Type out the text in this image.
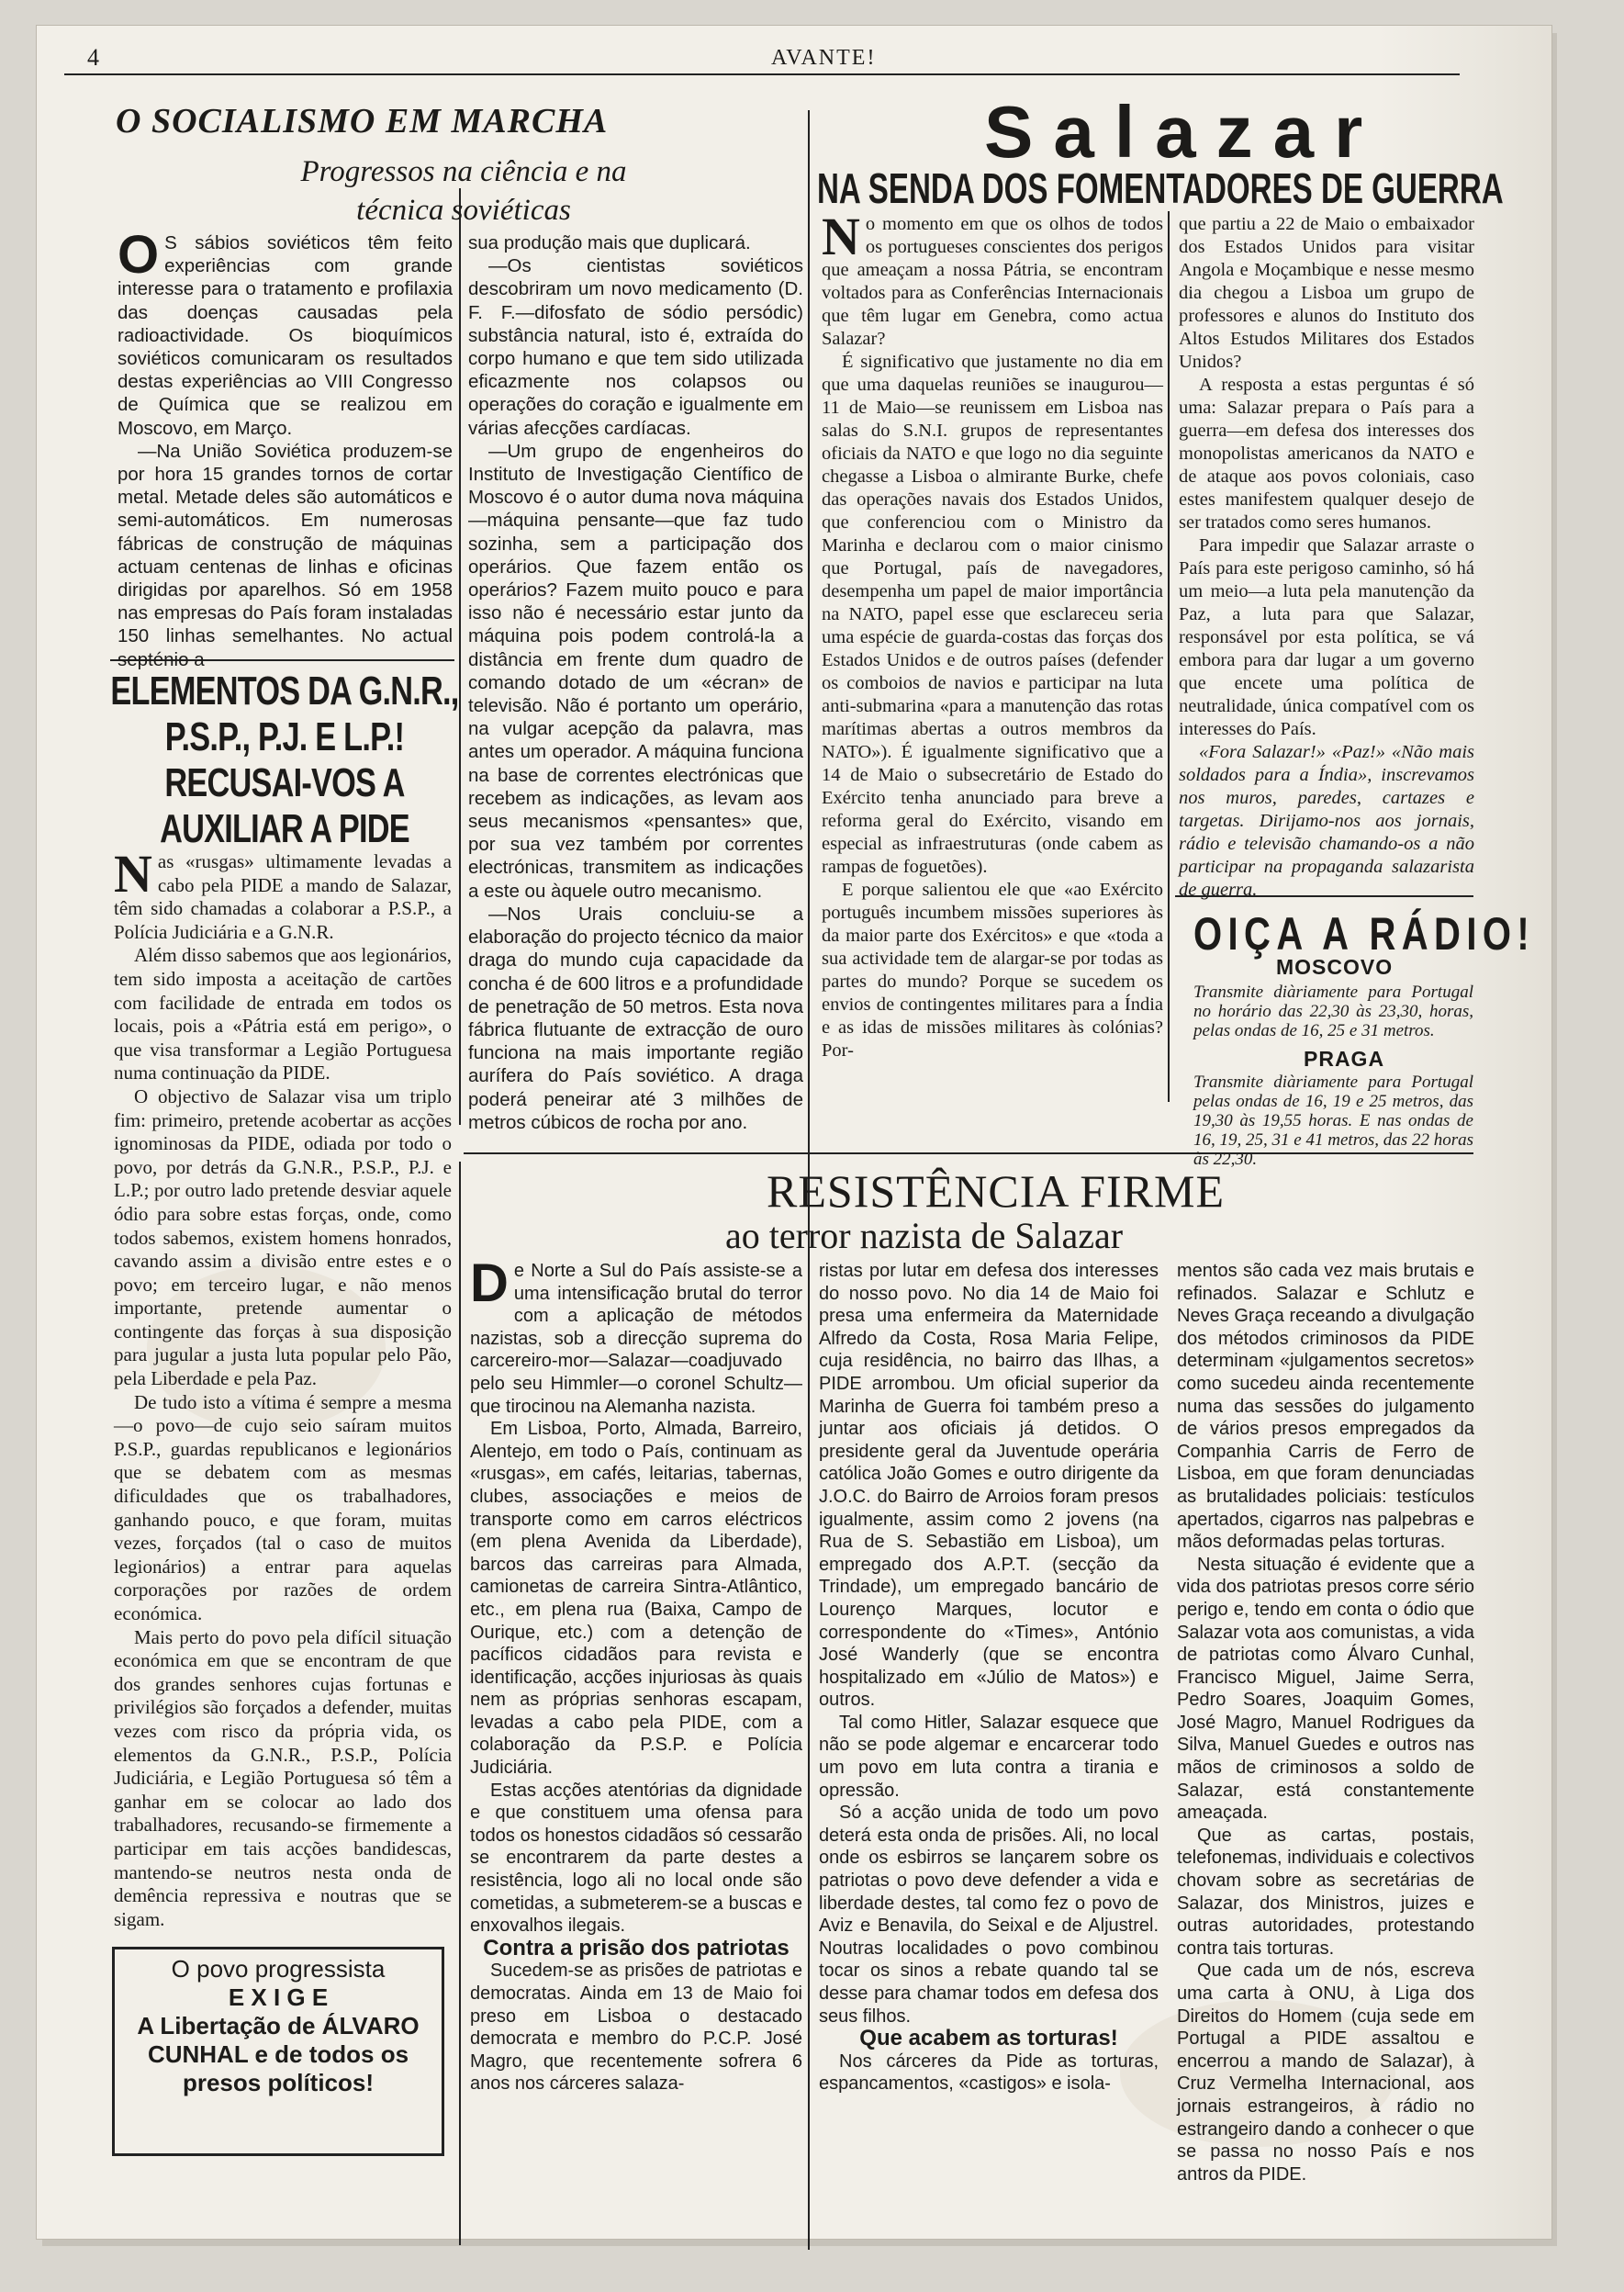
4	AVANTE!
O SOCIALISMO EM MARCHA
Progressos na ciência e na
técnica soviéticas

O S sábios soviéticos têm feito experiências com grande interesse para o tratamento e profilaxia das doenças causadas pela radioactividade. Os bioquímicos soviéticos comunicaram os resultados destas experiências ao VIII Congresso de Química que se realizou em Moscovo, em Março.

—Na União Soviética produzem-se por hora 15 grandes tornos de cortar metal. Metade deles são automáticos e semi-automáticos. Em numerosas fábricas de construção de máquinas actuam centenas de linhas e oficinas dirigidas por aparelhos. Só em 1958 nas empresas do País foram instaladas 150 linhas semelhantes. No actual septénio a

sua produção mais que duplicará.

—Os cientistas soviéticos descobriram um novo medicamento (D. F. F.—difosfato de sódio persódic) substância natural, isto é, extraída do corpo humano e que tem sido utilizada eficazmente nos colapsos ou operações do coração e igualmente em várias afecções cardíacas.

—Um grupo de engenheiros do Instituto de Investigação Científico de Moscovo é o autor duma nova máquina—máquina pensante—que faz tudo sozinha, sem a participação dos operários. Que fazem então os operários? Fazem muito pouco e para isso não é necessário estar junto da máquina pois podem controlá-la a distância em frente dum quadro de comando dotado de um «écran» de televisão. Não é portanto um operário, na vulgar acepção da palavra, mas antes um operador. A máquina funciona na base de correntes electrónicas que recebem as indicações, as levam aos seus mecanismos «pensantes» que, por sua vez também por correntes electrónicas, transmitem as indicações a este ou àquele outro mecanismo.

—Nos Urais concluiu-se a elaboração do projecto técnico da maior draga do mundo cuja capacidade da concha é de 600 litros e a profundidade de penetração de 50 metros. Esta nova fábrica flutuante de extracção de ouro funciona na mais importante região aurífera do País soviético. A draga poderá peneirar até 3 milhões de metros cúbicos de rocha por ano.

ELEMENTOS DA G.N.R., P.S.P., P.J. E L.P.! RECUSAI-VOS A AUXILIAR A PIDE

Nas «rusgas» ultimamente levadas a cabo pela PIDE a mando de Salazar, têm sido chamadas a colaborar a P.S.P., a Polícia Judiciária e a G.N.R.

Além disso sabemos que aos legionários, tem sido imposta a aceitação de cartões com facilidade de entrada em todos os locais, pois a «Pátria está em perigo», o que visa transformar a Legião Portuguesa numa continuação da PIDE.

O objectivo de Salazar visa um triplo fim: primeiro, pretende acobertar as acções ignominosas da PIDE, odiada por todo o povo, por detrás da G.N.R., P.S.P., P.J. e L.P.; por outro lado pretende desviar aquele ódio para sobre estas forças, onde, como todos sabemos, existem homens honrados, cavando assim a divisão entre estes e o povo; em terceiro lugar, e não menos importante, pretende aumentar o contingente das forças à sua disposição para jugular a justa luta popular pelo Pão, pela Liberdade e pela Paz.

De tudo isto a vítima é sempre a mesma—o povo—de cujo seio saíram muitos P.S.P., guardas republicanos e legionários que se debatem com as mesmas dificuldades que os trabalhadores, ganhando pouco, e que foram, muitas vezes, forçados (tal o caso de muitos legionários) a entrar para aquelas corporações por razões de ordem económica.

Mais perto do povo pela difícil situação económica em que se encontram de que dos grandes senhores cujas fortunas e privilégios são forçados a defender, muitas vezes com risco da própria vida, os elementos da G.N.R., P.S.P., Polícia Judiciária, e Legião Portuguesa só têm a ganhar em se colocar ao lado dos trabalhadores, recusando-se firmemente a participar em tais acções bandidescas, mantendo-se neutros nesta onda de demência repressiva e noutras que se sigam.

O povo progressista
E X I G E
A Libertação de ÁLVARO
CUNHAL e de todos os
presos políticos!
Salazar
NA SENDA DOS FOMENTADORES DE GUERRA

No momento em que os olhos de todos os portugueses conscientes dos perigos que ameaçam a nossa Pátria, se encontram voltados para as Conferências Internacionais que têm lugar em Genebra, como actua Salazar?

É significativo que justamente no dia em que uma daquelas reuniões se inaugurou—11 de Maio—se reunissem em Lisboa nas salas do S.N.I. grupos de representantes oficiais da NATO e que logo no dia seguinte chegasse a Lisboa o almirante Burke, chefe das operações navais dos Estados Unidos, que conferenciou com o Ministro da Marinha e declarou com o maior cinismo que Portugal, país de navegadores, desempenha um papel de maior importância na NATO, papel esse que esclareceu seria uma espécie de guarda-costas das forças dos Estados Unidos e de outros países (defender os comboios de navios e participar na luta anti-submarina «para a manutenção das rotas marítimas abertas a outros membros da NATO»). É igualmente significativo que a 14 de Maio o subsecretário de Estado do Exército tenha anunciado para breve a reforma geral do Exército, visando em especial as infraestruturas (onde cabem as rampas de foguetões).

E porque salientou ele que «ao Exército português incumbem missões superiores às da maior parte dos Exércitos» e que «toda a sua actividade tem de alargar-se por todas as partes do mundo? Porque se sucedem os envios de contingentes militares para a Índia e as idas de missões militares às colónias? Por-

que partiu a 22 de Maio o embaixador dos Estados Unidos para visitar Angola e Moçambique e nesse mesmo dia chegou a Lisboa um grupo de professores e alunos do Instituto dos Altos Estudos Militares dos Estados Unidos?

A resposta a estas perguntas é só uma: Salazar prepara o País para a guerra—em defesa dos interesses dos monopolistas americanos da NATO e de ataque aos povos coloniais, caso estes manifestem qualquer desejo de ser tratados como seres humanos.

Para impedir que Salazar arraste o País para este perigoso caminho, só há um meio—a luta pela manutenção da Paz, a luta para que Salazar, responsável por esta política, se vá embora para dar lugar a um governo que encete uma política de neutralidade, única compatível com os interesses do País.

«Fora Salazar!» «Paz!» «Não mais soldados para a Índia», inscrevamos nos muros, paredes, cartazes e targetas. Dirijamo-nos aos jornais, rádio e televisão chamando-os a não participar na propaganda salazarista de guerra.

OIÇA A RÁDIO!
MOSCOVO
Transmite diàriamente para Portugal no horário das 22,30 às 23,30, horas, pelas ondas de 16, 25 e 31 metros.
PRAGA
Transmite diàriamente para Portugal pelas ondas de 16, 19 e 25 metros, das 19,30 às 19,55 horas. E nas ondas de 16, 19, 25, 31 e 41 metros, das 22 horas às 22,30.
RESISTÊNCIA FIRME
ao terror nazista de Salazar

De Norte a Sul do País assiste-se a uma intensificação brutal do terror com a aplicação de métodos nazistas, sob a direcção suprema do carcereiro-mor—Salazar—coadjuvado pelo seu Himmler—o coronel Schultz—que tirocinou na Alemanha nazista.

Em Lisboa, Porto, Almada, Barreiro, Alentejo, em todo o País, continuam as «rusgas», em cafés, leitarias, tabernas, clubes, associações e meios de transporte como em carros eléctricos (em plena Avenida da Liberdade), barcos das carreiras para Almada, camionetas de carreira Sintra-Atlântico, etc., em plena rua (Baixa, Campo de Ourique, etc.) com a detenção de pacíficos cidadãos para revista e identificação, acções injuriosas às quais nem as próprias senhoras escapam, levadas a cabo pela PIDE, com a colaboração da P.S.P. e Polícia Judiciária.

Estas acções atentórias da dignidade e que constituem uma ofensa para todos os honestos cidadãos só cessarão se encontrarem da parte destes a resistência, logo ali no local onde são cometidas, a submeterem-se a buscas e enxovalhos ilegais.

Contra a prisão dos patriotas

Sucedem-se as prisões de patriotas e democratas. Ainda em 13 de Maio foi preso em Lisboa o destacado democrata e membro do P.C.P. José Magro, que recentemente sofrera 6 anos nos cárceres salaza-

ristas por lutar em defesa dos interesses do nosso povo. No dia 14 de Maio foi presa uma enfermeira da Maternidade Alfredo da Costa, Rosa Maria Felipe, cuja residência, no bairro das Ilhas, a PIDE arrombou. Um oficial superior da Marinha de Guerra foi também preso a juntar aos oficiais já detidos. O presidente geral da Juventude operária católica João Gomes e outro dirigente da J.O.C. do Bairro de Arroios foram presos igualmente, assim como 2 jovens (na Rua de S. Sebastião em Lisboa), um empregado dos A.P.T. (secção da Trindade), um empregado bancário de Lourenço Marques, locutor e correspondente do «Times», António José Wanderly (que se encontra hospitalizado em «Júlio de Matos») e outros.

Tal como Hitler, Salazar esquece que não se pode algemar e encarcerar todo um povo em luta contra a tirania e opressão.

Só a acção unida de todo um povo deterá esta onda de prisões. Ali, no local onde os esbirros se lançarem sobre os patriotas o povo deve defender a vida e liberdade destes, tal como fez o povo de Aviz e Benavila, do Seixal e de Aljustrel. Noutras localidades o povo combinou tocar os sinos a rebate quando tal se desse para chamar todos em defesa dos seus filhos.

Que acabem as torturas!

Nos cárceres da Pide as torturas, espancamentos, «castigos» e isola-

mentos são cada vez mais brutais e refinados. Salazar e Schlutz e Neves Graça receando a divulgação dos métodos criminosos da PIDE determinam «julgamentos secretos» como sucedeu ainda recentemente numa das sessões do julgamento de vários presos empregados da Companhia Carris de Ferro de Lisboa, em que foram denunciadas as brutalidades policiais: testículos apertados, cigarros nas palpebras e mãos deformadas pelas torturas.

Nesta situação é evidente que a vida dos patriotas presos corre sério perigo e, tendo em conta o ódio que Salazar vota aos comunistas, a vida de patriotas como Álvaro Cunhal, Francisco Miguel, Jaime Serra, Pedro Soares, Joaquim Gomes, José Magro, Manuel Rodrigues da Silva, Manuel Guedes e outros nas mãos de criminosos a soldo de Salazar, está constantemente ameaçada.

Que as cartas, postais, telefonemas, individuais e colectivos chovam sobre as secretárias de Salazar, dos Ministros, juizes e outras autoridades, protestando contra tais torturas.

Que cada um de nós, escreva uma carta à ONU, à Liga dos Direitos do Homem (cuja sede em Portugal a PIDE assaltou e encerrou a mando de Salazar), à Cruz Vermelha Internacional, aos jornais estrangeiros, à rádio no estrangeiro dando a conhecer o que se passa no nosso País e nos antros da PIDE.
